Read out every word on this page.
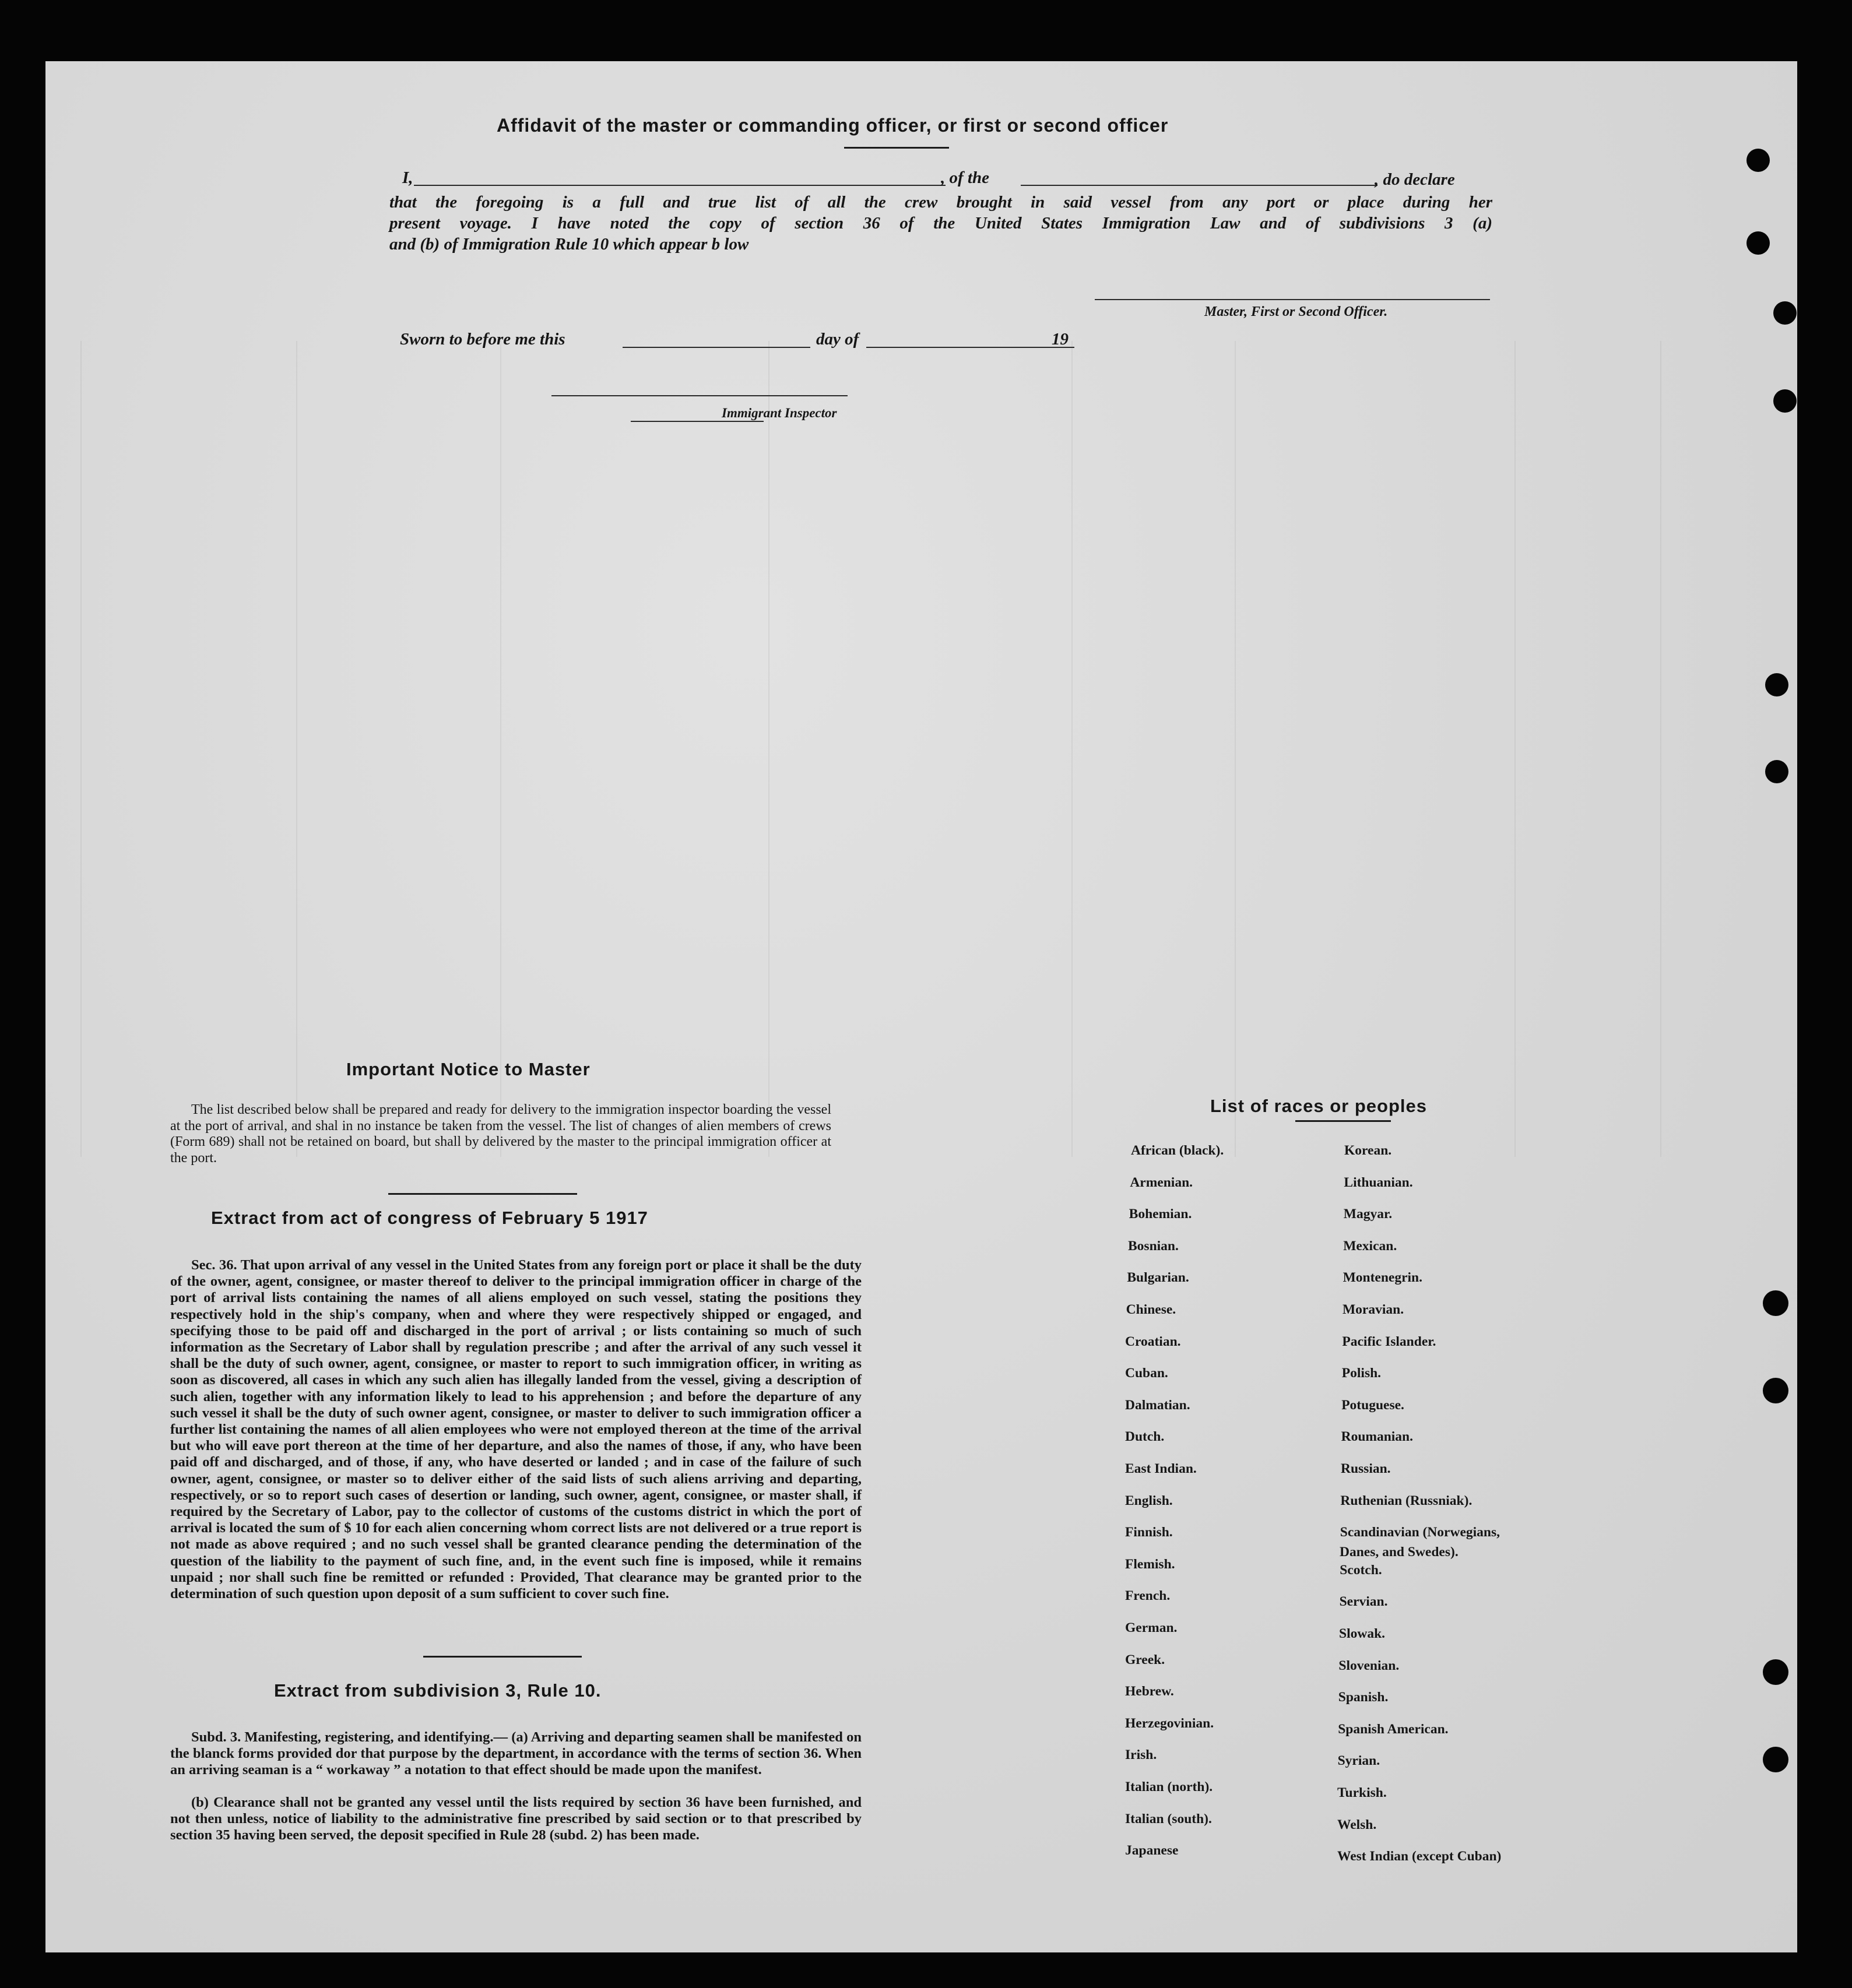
Affidavit of the master or commanding officer, or first or second officer
I,	, of the	, do declare
that the foregoing is a full and true list of all the crew brought in said vessel from any port or place during her
present voyage. I have noted the copy of section 36 of the United States Immigration Law and of subdivisions 3 (a)
and (b) of Immigration Rule 10 which appear b low
Master, First or Second Officer.
Sworn to before me this	day of	19
Immigrant Inspector
Important Notice to Master
The list described below shall be prepared and ready for delivery to the immigration inspector boarding the vessel at the port of arrival, and shal in no instance be taken from the vessel. The list of changes of alien members of crews (Form 689) shall not be retained on board, but shall by delivered by the master to the principal immigration officer at the port.
Extract from act of congress of February 5 1917
Sec. 36. That upon arrival of any vessel in the United States from any foreign port or place it shall be the duty of the owner, agent, consignee, or master thereof to deliver to the principal immigration officer in charge of the port of arrival lists containing the names of all aliens employed on such vessel, stating the positions they respectively hold in the ship's company, when and where they were respectively shipped or engaged, and specifying those to be paid off and discharged in the port of arrival ; or lists containing so much of such information as the Secretary of Labor shall by regulation prescribe ; and after the arrival of any such vessel it shall be the duty of such owner, agent, consignee, or master to report to such immigration officer, in writing as soon as discovered, all cases in which any such alien has illegally landed from the vessel, giving a description of such alien, together with any information likely to lead to his apprehension ; and before the departure of any such vessel it shall be the duty of such owner agent, consignee, or master to deliver to such immigration officer a further list containing the names of all alien employees who were not employed thereon at the time of the arrival but who will eave port thereon at the time of her departure, and also the names of those, if any, who have been paid off and discharged, and of those, if any, who have deserted or landed ; and in case of the failure of such owner, agent, consignee, or master so to deliver either of the said lists of such aliens arriving and departing, respectively, or so to report such cases of desertion or landing, such owner, agent, consignee, or master shall, if required by the Secretary of Labor, pay to the collector of customs of the customs district in which the port of arrival is located the sum of $ 10 for each alien concerning whom correct lists are not delivered or a true report is not made as above required ; and no such vessel shall be granted clearance pending the determination of the question of the liability to the payment of such fine, and, in the event such fine is imposed, while it remains unpaid ; nor shall such fine be remitted or refunded : Provided, That clearance may be granted prior to the determination of such question upon deposit of a sum sufficient to cover such fine.
Extract from subdivision 3, Rule 10.
Subd. 3. Manifesting, registering, and identifying.— (a) Arriving and departing seamen shall be manifested on the blanck forms provided dor that purpose by the department, in accordance with the terms of section 36. When an arriving seaman is a “ workaway ” a notation to that effect should be made upon the manifest.
(b) Clearance shall not be granted any vessel until the lists required by section 36 have been furnished, and not then unless, notice of liability to the administrative fine prescribed by said section or to that prescribed by section 35 having been served, the deposit specified in Rule 28 (subd. 2) has been made.
List of races or peoples
African (black).
Armenian.
Bohemian.
Bosnian.
Bulgarian.
Chinese.
Croatian.
Cuban.
Dalmatian.
Dutch.
East Indian.
English.
Finnish.
Flemish.
French.
German.
Greek.
Hebrew.
Herzegovinian.
Irish.
Italian (north).
Italian (south).
Japanese
Korean.
Lithuanian.
Magyar.
Mexican.
Montenegrin.
Moravian.
Pacific Islander.
Polish.
Potuguese.
Roumanian.
Russian.
Ruthenian (Russniak).
Scandinavian (Norwegians,
Danes, and Swedes).
Scotch.
Servian.
Slowak.
Slovenian.
Spanish.
Spanish American.
Syrian.
Turkish.
Welsh.
West Indian (except Cuban)
